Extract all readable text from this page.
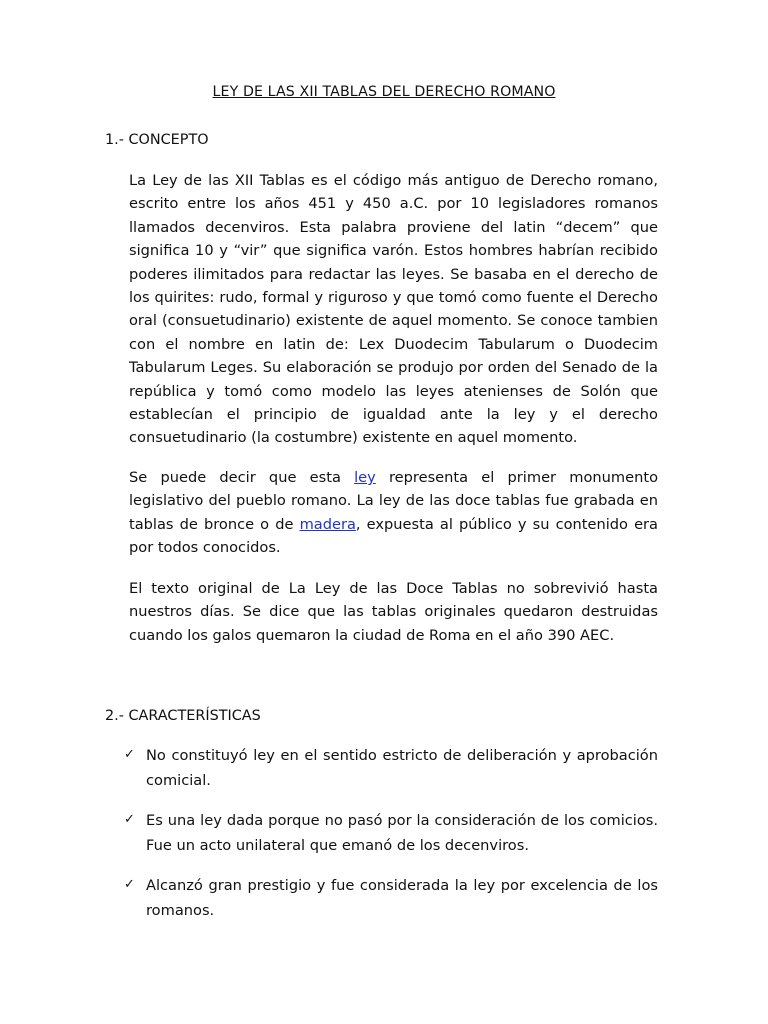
LEY DE LAS XII TABLAS DEL DERECHO ROMANO
1.- CONCEPTO

La Ley de las XII Tablas es el código más antiguo de Derecho romano, escrito entre los años 451 y 450 a.C. por 10 legisladores romanos llamados decenviros. Esta palabra proviene del latin “decem” que significa 10 y “vir” que significa varón. Estos hombres habrían recibido poderes ilimitados para redactar las leyes. Se basaba en el derecho de los quirites: rudo, formal y riguroso y que tomó como fuente el Derecho oral (consuetudinario) existente de aquel momento. Se conoce tambien con el nombre en latin de: Lex Duodecim Tabularum o Duodecim Tabularum Leges. Su elaboración se produjo por orden del Senado de la república y tomó como modelo las leyes atenienses de Solón que establecían el principio de igualdad ante la ley y el derecho consuetudinario (la costumbre) existente en aquel momento.

Se puede decir que esta ley representa el primer monumento legislativo del pueblo romano. La ley de las doce tablas fue grabada en tablas de bronce o de madera, expuesta al público y su contenido era por todos conocidos.

El texto original de La Ley de las Doce Tablas no sobrevivió hasta nuestros días. Se dice que las tablas originales quedaron destruidas cuando los galos quemaron la ciudad de Roma en el año 390 AEC.

2.- CARACTERÍSTICAS
✓ No constituyó ley en el sentido estricto de deliberación y aprobación comicial.
✓ Es una ley dada porque no pasó por la consideración de los comicios. Fue un acto unilateral que emanó de los decenviros.
✓ Alcanzó gran prestigio y fue considerada la ley por excelencia de los romanos.
